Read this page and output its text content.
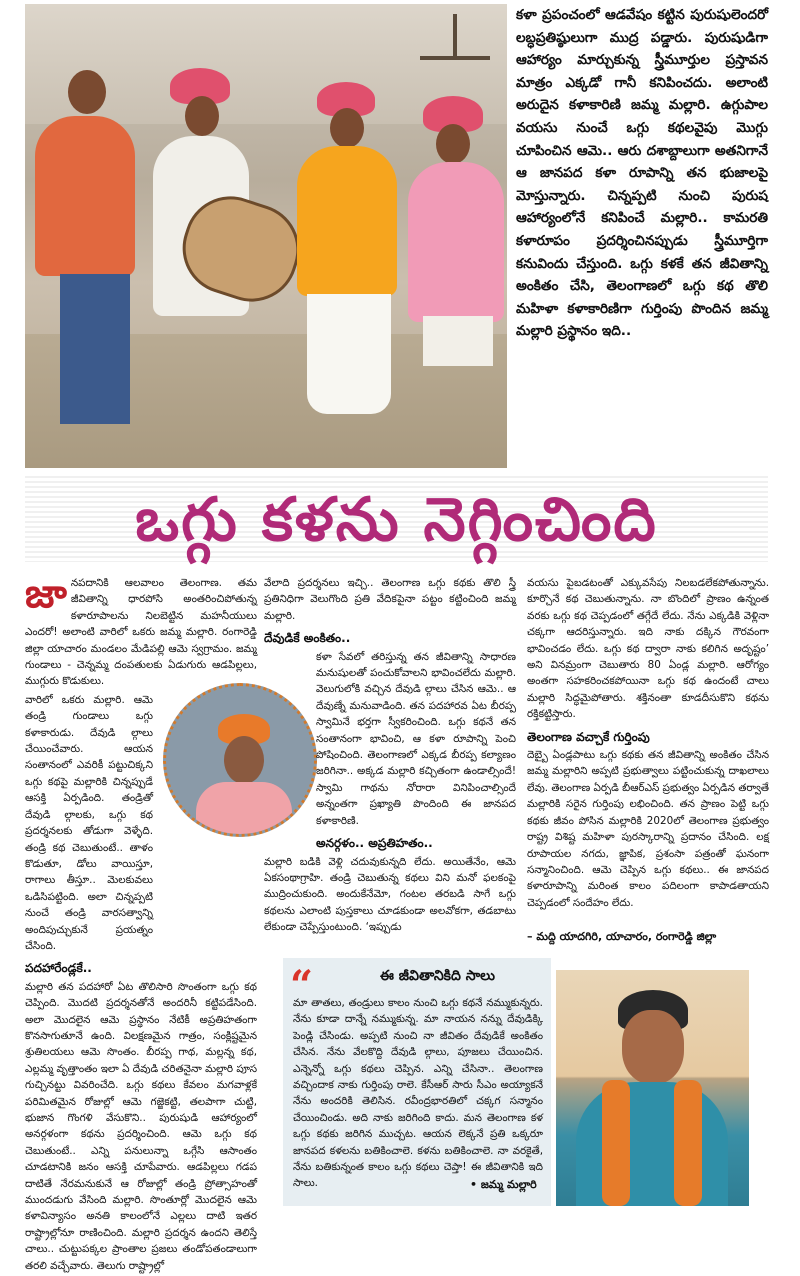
కళా ప్రపంచంలో ఆడవేషం కట్టిన పురుషులెందరో లబ్ధప్రతిష్ఠులుగా ముద్ర పడ్డారు. పురుషుడిగా ఆహార్యం మార్చుకున్న స్త్రీమూర్తుల ప్రస్తావన మాత్రం ఎక్కడో గానీ కనిపించదు. అలాంటి అరుదైన కళాకారిణి జమ్మ మల్లారి. ఉగ్గుపాల వయసు నుంచే ఒగ్గు కథలవైపు మొగ్గు చూపించిన ఆమె.. ఆరు దశాబ్దాలుగా అతనిగానే ఆ జానపద కళా రూపాన్ని తన భుజాలపై మోస్తున్నారు. చిన్నప్పటి నుంచి పురుష ఆహార్యంలోనే కనిపించే మల్లారి.. కామరతి కళారూపం ప్రదర్శించినప్పుడు స్త్రీమూర్తిగా కనువిందు చేస్తుంది. ఒగ్గు కళకే తన జీవితాన్ని అంకితం చేసి, తెలంగాణలో ఒగ్గు కథ తొలి మహిళా కళాకారిణిగా గుర్తింపు పొందిన జమ్మ మల్లారి ప్రస్థానం ఇది..

ఒగ్గు కళను నెగ్గించింది

జానపదానికి ఆలవాలం తెలంగాణ. తమ జీవితాన్ని ధారపోసి అంతరించిపోతున్న కళారూపాలను నిలబెట్టిన మహనీయులు ఎందరో! అలాంటి వారిలో ఒకరు జమ్మ మల్లారి. రంగారెడ్డి జిల్లా యాచారం మండలం మేడిపల్లి ఆమె స్వగ్రామం. జమ్మ గుండాలు - చెన్నమ్మ దంపతులకు ఏడుగురు ఆడపిల్లలు, ముగ్గురు కొడుకులు.

వారిలో ఒకరు మల్లారి. ఆమె తండ్రి గుండాలు ఒగ్గు కళాకారుడు. దేవుడి ల్గాలు చేయించేవారు. ఆయన సంతానంలో ఎవరికీ పట్టుచిక్కని ఒగ్గు కథపై మల్లారికి చిన్నప్పుడే ఆసక్తి ఏర్పడింది. తండ్రితో దేవుడి ల్గాలకు, ఒగ్గు కథ ప్రదర్శనలకు తోడుగా వెళ్ళేది. తండ్రి కథ చెబుతుంటే.. తాళం కొడుతూ, డోలు వాయిస్తూ, రాగాలు తీస్తూ.. మెలకువలు ఒడిసిపట్టింది. అలా చిన్నప్పటి నుంచే తండ్రి వారసత్వాన్ని అందిపుచ్చుకునే ప్రయత్నం చేసింది.

పదహారేండ్లకే..

మల్లారి తన పదహారో ఏట తొలిసారి సొంతంగా ఒగ్గు కథ చెప్పింది. మొదటి ప్రదర్శనతోనే అందరినీ కట్టిపడేసింది. అలా మొదలైన ఆమె ప్రస్థానం నేటికీ అప్రతిహతంగా కొనసాగుతూనే ఉంది. విలక్షణమైన గాత్రం, సంక్లిష్టమైన శ్రుతిలయలు ఆమె సొంతం. బీరప్ప గాథ, మల్లన్న కథ, ఎల్లమ్మ వృత్తాంతం ఇలా ఏ దేవుడి చరితనైనా మల్లారి పూస గుచ్చినట్టు వివరించేది. ఒగ్గు కథలు కేవలం మగవాళ్లకే పరిమితమైన రోజుల్లో ఆమె గజ్జెకట్టి, తలపాగా చుట్టి, భుజాన గొంగళి వేసుకొని.. పురుషుడి ఆహార్యంలో అనర్గళంగా కథను ప్రదర్శించింది. ఆమె ఒగ్గు కథ చెబుతుంటే.. ఎన్ని పనులున్నా ఒగ్గేసి ఆసాంతం చూడటానికి జనం ఆసక్తి చూపేవారు. ఆడపిల్లలు గడప దాటితే నేరమనుకునే ఆ రోజుల్లో తండ్రి ప్రోత్సాహంతో ముందడుగు వేసింది మల్లారి. సొంతూర్లో మొదలైన ఆమె కళావిన్యాసం అనతి కాలంలోనే ఎల్లలు దాటి ఇతర రాష్ట్రాల్లోనూ రాణించింది. మల్లారి ప్రదర్శన ఉందని తెలిస్తే చాలు.. చుట్టుపక్కల ప్రాంతాల ప్రజలు తండోపతండాలుగా తరలి వచ్చేవారు. తెలుగు రాష్ట్రాల్లో

వేలాది ప్రదర్శనలు ఇచ్చి.. తెలంగాణ ఒగ్గు కథకు తొలి స్త్రీ ప్రతినిధిగా వెలుగొంది ప్రతి వేదికపైనా పట్టం కట్టించింది జమ్మ మల్లారి.

దేవుడికే అంకితం..

కళా సేవలో తరిస్తున్న తన జీవితాన్ని సాధారణ మనుషులతో పంచుకోవాలని భావించలేదు మల్లారి. వెలుగులోకి వచ్చిన దేవుడి ల్గాలు చేసిన ఆమె.. ఆ దేవుణ్నే మనువాడింది. తన పదహారవ ఏట బీరప్ప స్వామినే భర్తగా స్వీకరించింది. ఒగ్గు కథనే తన సంతానంగా భావించి, ఆ కళా రూపాన్ని పెంచి పోషించింది. తెలంగాణలో ఎక్కడ బీరప్ప కల్యాణం జరిగినా.. అక్కడ మల్లారి కచ్చితంగా ఉండాల్సిందే! స్వామి గాథను నోరారా వినిపించాల్సిందే అన్నంతగా ప్రఖ్యాతి పొందింది ఈ జానపద కళాకారిణి.

అనర్గళం.. అప్రతిహతం..

మల్లారి బడికి వెళ్లి చదువుకున్నది లేదు. అయితేనేం, ఆమె ఏకసంథాగ్రాహి. తండ్రి చెబుతున్న కథలు విని మనో ఫలకంపై ముద్రించుకుంది. అందుకేనేమో, గంటల తరబడి సాగే ఒగ్గు కథలను ఎలాంటి పుస్తకాలు చూడకుండా అలవోకగా, తడబాటు లేకుండా చెప్పేస్తుంటుంది. ‘ఇప్పుడు

వయసు పైబడటంతో ఎక్కువసేపు నిలబడలేకపోతున్నాను. కూర్చొనే కథ చెబుతున్నాను. నా బొందిలో ప్రాణం ఉన్నంత వరకు ఒగ్గు కథ చెప్పడంలో తగ్గేదే లేదు. నేను ఎక్కడికి వెళ్లినా చక్కగా ఆదరిస్తున్నారు. ఇది నాకు దక్కిన గౌరవంగా భావించడం లేదు. ఒగ్గు కథ ద్వారా నాకు కలిగిన అదృష్టం’ అని వినమ్రంగా చెబుతారు 80 ఏండ్ల మల్లారి. ఆరోగ్యం అంతగా సహకరించకపోయినా ఒగ్గు కథ ఉందంటే చాలు మల్లారి సిద్ధమైపోతారు. శక్తినంతా కూడదీసుకొని కథను రక్తికట్టిస్తారు.

తెలంగాణ వచ్చాకే గుర్తింపు

దెబ్బై ఏండ్లపాటు ఒగ్గు కథకు తన జీవితాన్ని అంకితం చేసిన జమ్మ మల్లారిని అప్పటి ప్రభుత్వాలు పట్టించుకున్న దాఖలాలు లేవు. తెలంగాణ ఏర్పడి బీఆర్‌ఎస్ ప్రభుత్వం ఏర్పడిన తర్వాతే మల్లారికి సరైన గుర్తింపు లభించింది. తన ప్రాణం పెట్టి ఒగ్గు కథకు జీవం పోసిన మల్లారికి 2020లో తెలంగాణ ప్రభుత్వం రాష్ట్ర విశిష్ట మహిళా పురస్కారాన్ని ప్రదానం చేసింది. లక్ష రూపాయల నగదు, జ్ఞాపిక, ప్రశంసా పత్రంతో ఘనంగా సన్మానించింది. ఆమె చెప్పిన ఒగ్గు కథలు.. ఈ జానపద కళారూపాన్ని మరింత కాలం పదిలంగా కాపాడతాయని చెప్పడంలో సందేహం లేదు.

– మద్ది యాదగిరి, యాచారం, రంగారెడ్డి జిల్లా
“	ఈ జీవితానికిది సాలు
మా తాతలు, తండ్రులు కాలం నుంచి ఒగ్గు కథనే నమ్ముకున్నరు. నేను కూడా దాన్నే నమ్ముకున్న. మా నాయన నన్ను దేవుడిక్కి పెండ్లి చేసిండు. అప్పటి నుంచి నా జీవితం దేవుడికే అంకితం చేసిన. నేను వేలకొద్ది దేవుడి ల్గాలు, పూజలు చేయించిన. ఎన్నెన్నో ఒగ్గు కథలు చెప్పిన. ఎన్ని చేసినా.. తెలంగాణ వచ్చిందాక నాకు గుర్తింపు రాలె. కేసీఆర్ సారు సీఎం అయ్యాకనే నేను అందరికి తెలిసిన. రవీంద్రభారతిలో చక్కగ సన్మానం చేయించిండు. అది నాకు జరిగింది కాదు. మన తెలంగాణ కళ ఒగ్గు కథకు జరిగిన ముచ్చట. ఆయన లెక్కనే ప్రతి ఒక్కరూ జానపద కళలను బతికించాలె. కళను బతికించాలె. నా వరకైతే, నేను బతికున్నంత కాలం ఒగ్గు కథలు చెప్తా! ఈ జీవితానికి ఇది సాలు.	• జమ్మ మల్లారి
